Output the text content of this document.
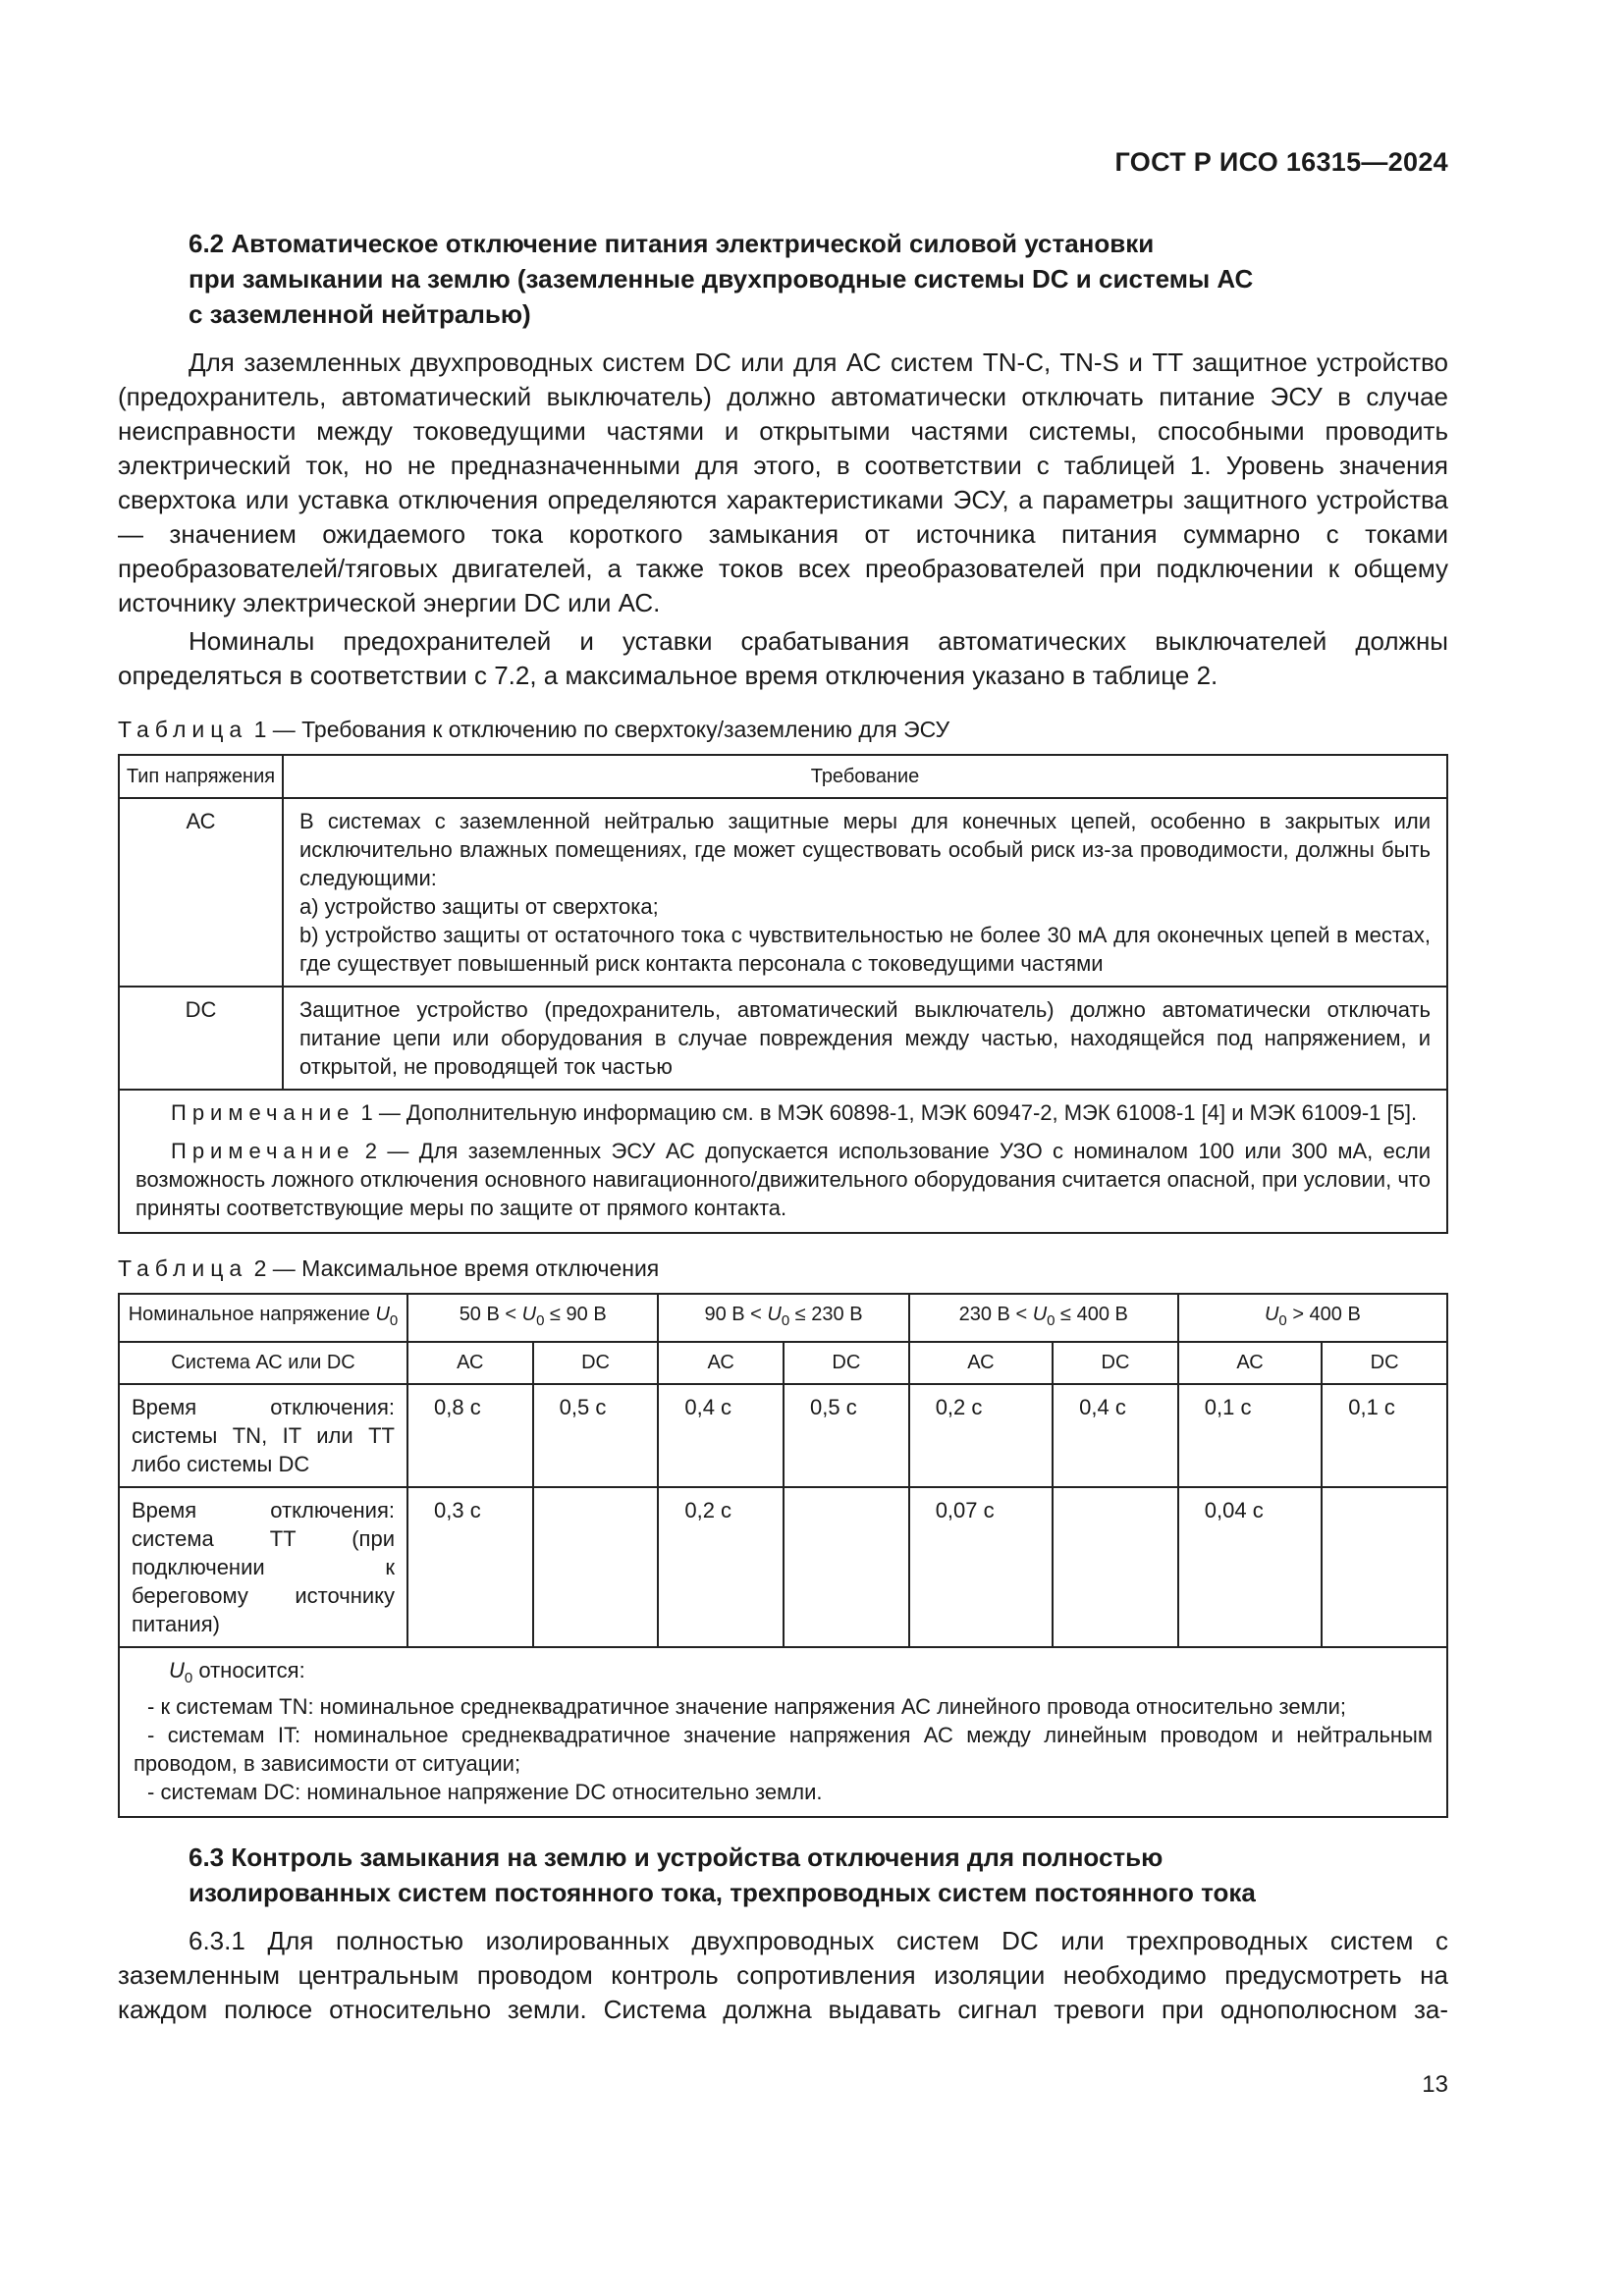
ГОСТ Р ИСО 16315—2024
6.2 Автоматическое отключение питания электрической силовой установки
при замыкании на землю (заземленные двухпроводные системы DC и системы АС
с заземленной нейтралью)

Для заземленных двухпроводных систем DC или для АС систем TN-C, TN-S и TT защитное устройство (предохранитель, автоматический выключатель) должно автоматически отключать питание ЭСУ в случае неисправности между токоведущими частями и открытыми частями системы, способными проводить электрический ток, но не предназначенными для этого, в соответствии с таблицей 1. Уровень значения сверхтока или уставка отключения определяются характеристиками ЭСУ, а параметры защитного устройства — значением ожидаемого тока короткого замыкания от источника питания суммарно с токами преобразователей/тяговых двигателей, а также токов всех преобразователей при подключении к общему источнику электрической энергии DC или АС.

Номиналы предохранителей и уставки срабатывания автоматических выключателей должны определяться в соответствии с 7.2, а максимальное время отключения указано в таблице 2.

Таблица 1 — Требования к отключению по сверхтоку/заземлению для ЭСУ
Тип напряжения	Требование
АС	В системах с заземленной нейтралью защитные меры для конечных цепей, особенно в закрытых или исключительно влажных помещениях, где может существовать особый риск из-за проводимости, должны быть следующими:
a) устройство защиты от сверхтока;
b) устройство защиты от остаточного тока с чувствительностью не более 30 мА для оконечных цепей в местах, где существует повышенный риск контакта персонала с токоведущими частями

DC	Защитное устройство (предохранитель, автоматический выключатель) должно автоматически отключать питание цепи или оборудования в случае повреждения между частью, находящейся под напряжением, и открытой, не проводящей ток частью

Примечание 1 — Дополнительную информацию см. в МЭК 60898-1, МЭК 60947-2, МЭК 61008-1 [4] и МЭК 61009-1 [5].

Примечание 2 — Для заземленных ЭСУ АС допускается использование УЗО с номиналом 100 или 300 мА, если возможность ложного отключения основного навигационного/движительного оборудования считается опасной, при условии, что приняты соответствующие меры по защите от прямого контакта.	

Таблица 2 — Максимальное время отключения
Номинальное напряжение $U_0$	50 $В < U_0 \le 90$ В		90 $В < U_0 \le 230$ В		230 $В < U_0 \le 400$ В		$U_0 > 400$ В	
Система АС или DC	АС	DC	АС	DC	АС	DC	АС	DC
Время отключения: системы TN, IT или TT либо системы DC	0,8 с	0,5 с	0,4 с	0,5 с	0,2 с	0,4 с	0,1 с	0,1 с
Время отключения: система TT (при подключении к береговому источнику питания)	0,3 с		0,2 с		0,07 с		0,04 с	

$U_0$ относится:
- к системам TN: номинальное среднеквадратичное значение напряжения АС линейного провода относительно земли;
- системам IT: номинальное среднеквадратичное значение напряжения АС между линейным проводом и нейтральным проводом, в зависимости от ситуации;
- системам DC: номинальное напряжение DC относительно земли.								
6.3 Контроль замыкания на землю и устройства отключения для полностью
изолированных систем постоянного тока, трехпроводных систем постоянного тока

6.3.1 Для полностью изолированных двухпроводных систем DC или трехпроводных систем с заземленным центральным проводом контроль сопротивления изоляции необходимо предусмотреть на каждом полюсе относительно земли. Система должна выдавать сигнал тревоги при однополюсном за-

13
